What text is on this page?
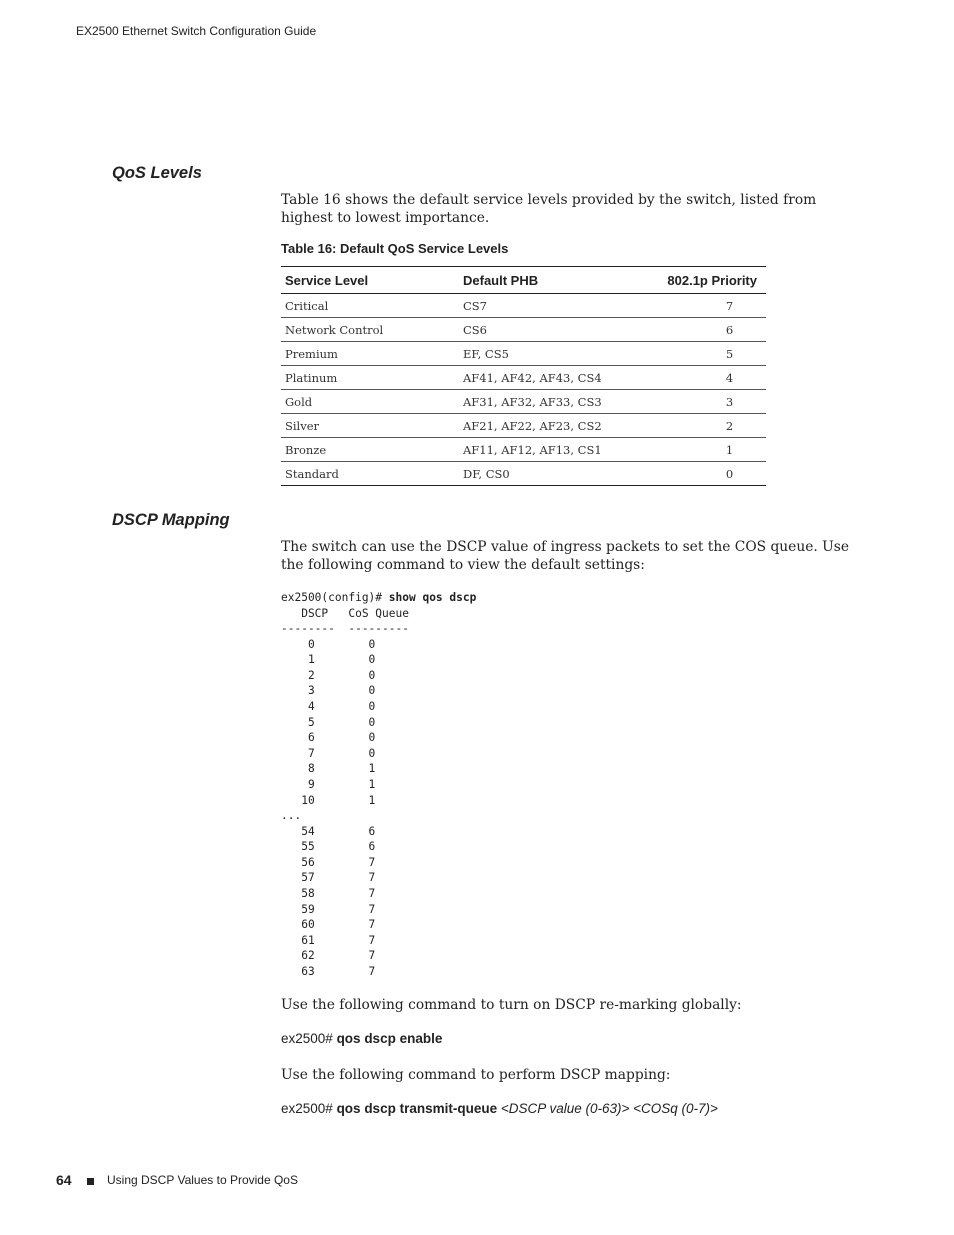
EX2500 Ethernet Switch Configuration Guide
QoS Levels
Table 16 shows the default service levels provided by the switch, listed from highest to lowest importance.
Table 16: Default QoS Service Levels
Service Level	Default PHB	802.1p Priority
Critical	CS7	7
Network Control	CS6	6
Premium	EF, CS5	5
Platinum	AF41, AF42, AF43, CS4	4
Gold	AF31, AF32, AF33, CS3	3
Silver	AF21, AF22, AF23, CS2	2
Bronze	AF11, AF12, AF13, CS1	1
Standard	DF, CS0	0
DSCP Mapping
The switch can use the DSCP value of ingress packets to set the COS queue. Use the following command to view the default settings:
ex2500(config)# show qos dscp
DSCP   CoS Queue
--------  ---------
0        0
1        0
2        0
3        0
4        0
5        0
6        0
7        0
8        1
9        1
10        1
...
54        6
55        6
56        7
57        7
58        7
59        7
60        7
61        7
62        7
63        7
Use the following command to turn on DSCP re-marking globally:
ex2500# qos dscp enable
Use the following command to perform DSCP mapping:
ex2500# qos dscp transmit-queue <DSCP value (0-63)> <COSq (0-7)>
64	Using DSCP Values to Provide QoS
